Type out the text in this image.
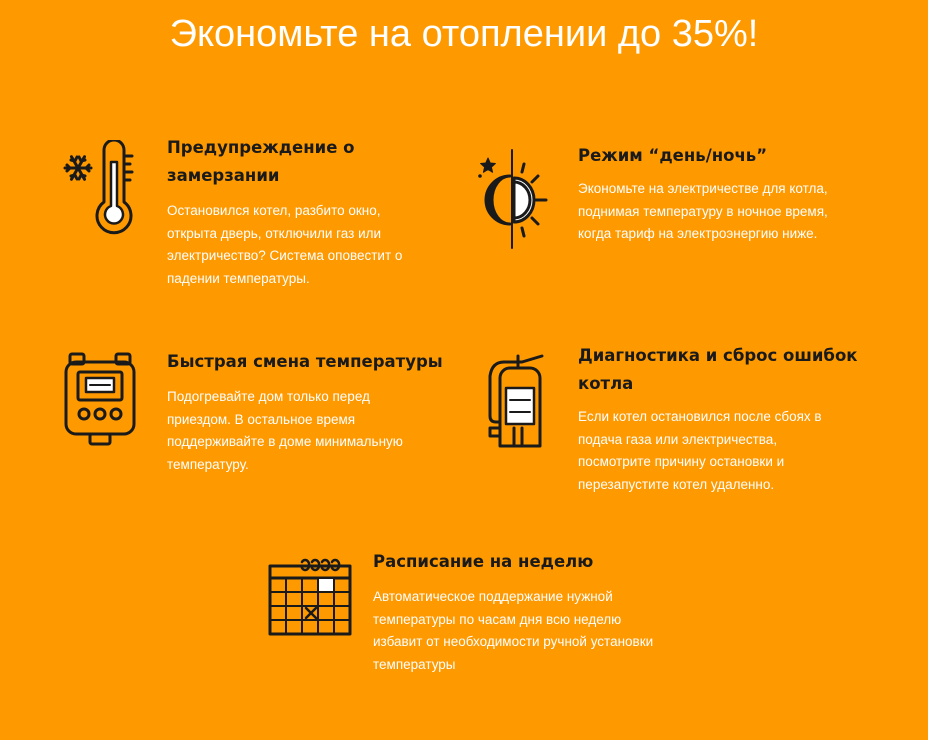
Экономьте на отоплении до 35%!
Предупреждение о замерзании

Остановился котел, разбито окно, открыта дверь, отключили газ или электричество? Система оповестит о падении температуры.

Режим “день/ночь”

Экономьте на электричестве для котла, поднимая температуру в ночное время, когда тариф на электроэнергию ниже.

Быстрая смена температуры

Подогревайте дом только перед приездом. В остальное время поддерживайте в доме минимальную температуру.

Диагностика и сброс ошибок котла

Если котел остановился после сбоях в подача газа или электричества, посмотрите причину остановки и перезапустите котел удаленно.

Расписание на неделю

Автоматическое поддержание нужной температуры по часам дня всю неделю избавит от необходимости ручной установки температуры
